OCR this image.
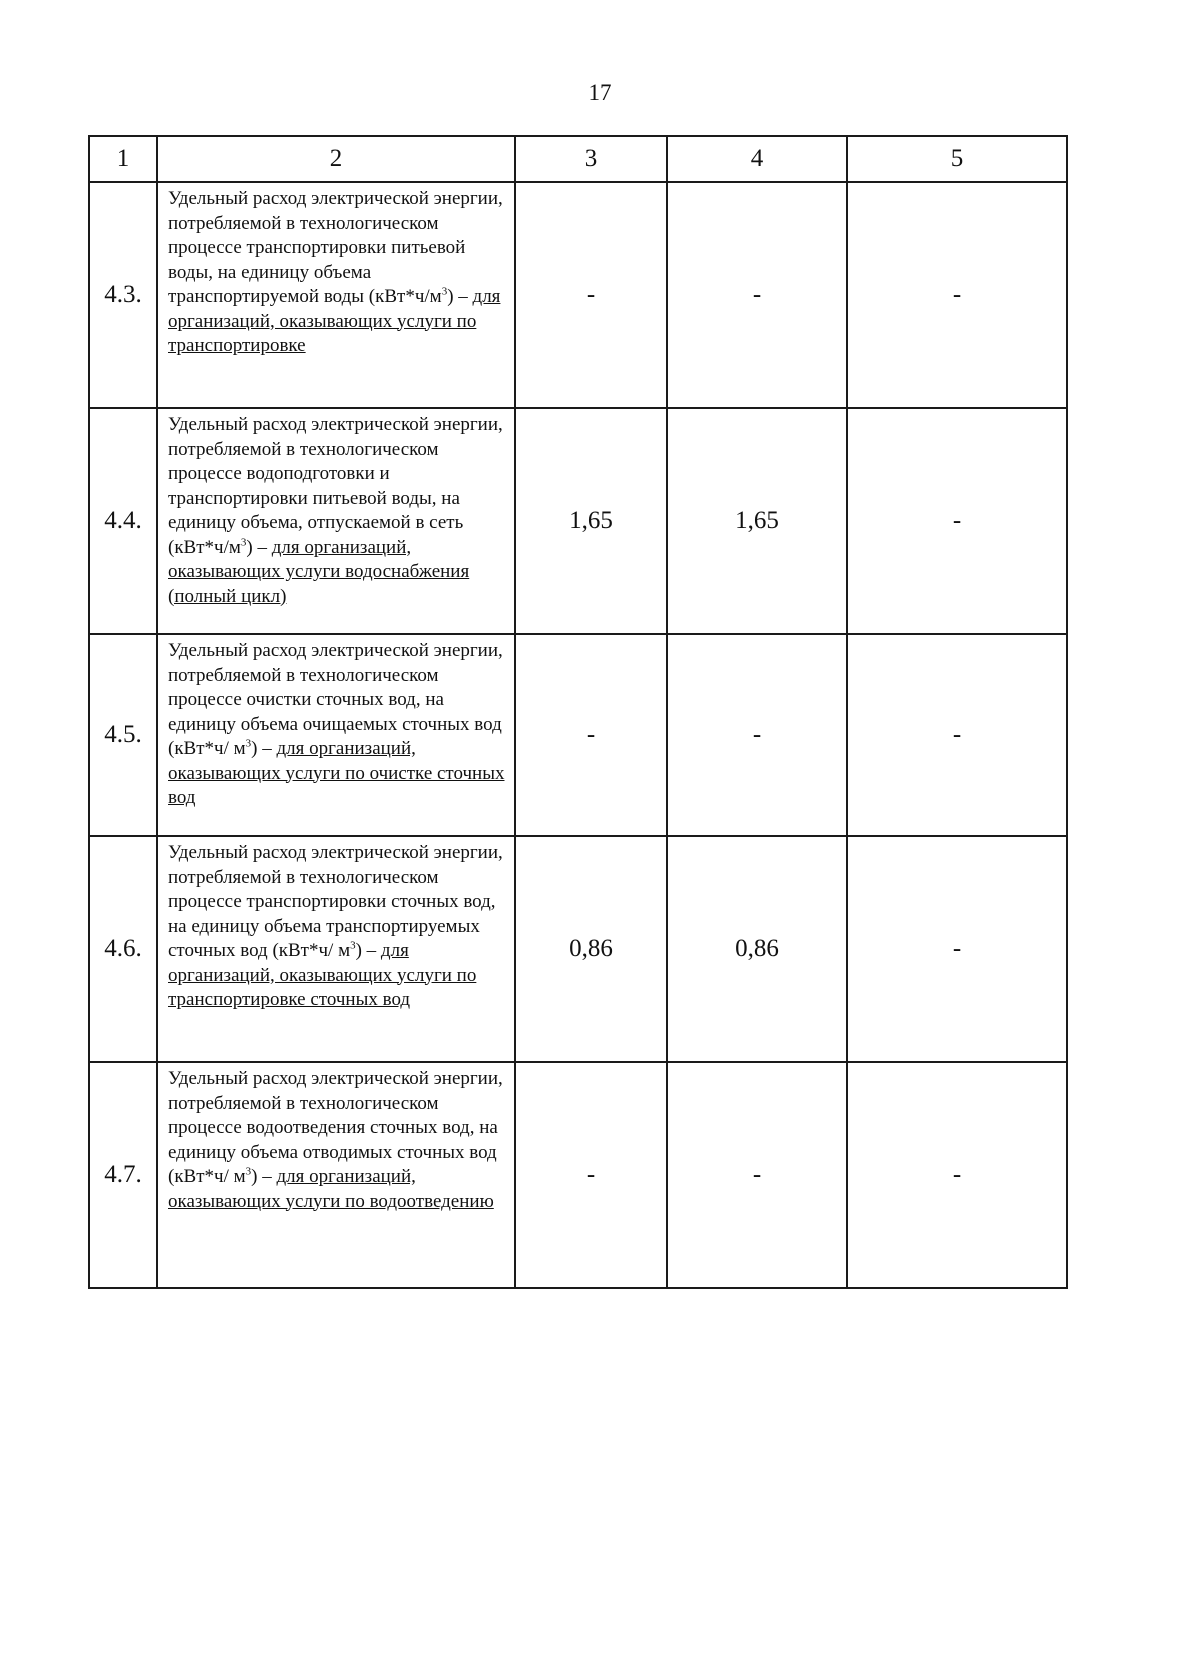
17
1	2	3	4	5
4.3.	Удельный расход электрической энергии, потребляемой в технологическом процессе транспортировки питьевой воды, на единицу объема транспортируемой воды $(кВт*ч/м^3)$ – для организаций, оказывающих услуги по транспортировке	-	-	-
4.4.	Удельный расход электрической энергии, потребляемой в технологическом процессе водоподготовки и транспортировки питьевой воды, на единицу объема, отпускаемой в сеть $(кВт*ч/м^3)$ – для организаций, оказывающих услуги водоснабжения (полный цикл)	1,65	1,65	-
4.5.	Удельный расход электрической энергии, потребляемой в технологическом процессе очистки сточных вод, на единицу объема очищаемых сточных вод (кВт*ч/ $м^3$) – для организаций, оказывающих услуги по очистке сточных вод	-	-	-
4.6.	Удельный расход электрической энергии, потребляемой в технологическом процессе транспортировки сточных вод, на единицу объема транспортируемых сточных вод (кВт*ч/ $м^3$) – для организаций, оказывающих услуги по транспортировке сточных вод	0,86	0,86	-
4.7.	Удельный расход электрической энергии, потребляемой в технологическом процессе водоотведения сточных вод, на единицу объема отводимых сточных вод (кВт*ч/ $м^3$) – для организаций, оказывающих услуги по водоотведению	-	-	-
